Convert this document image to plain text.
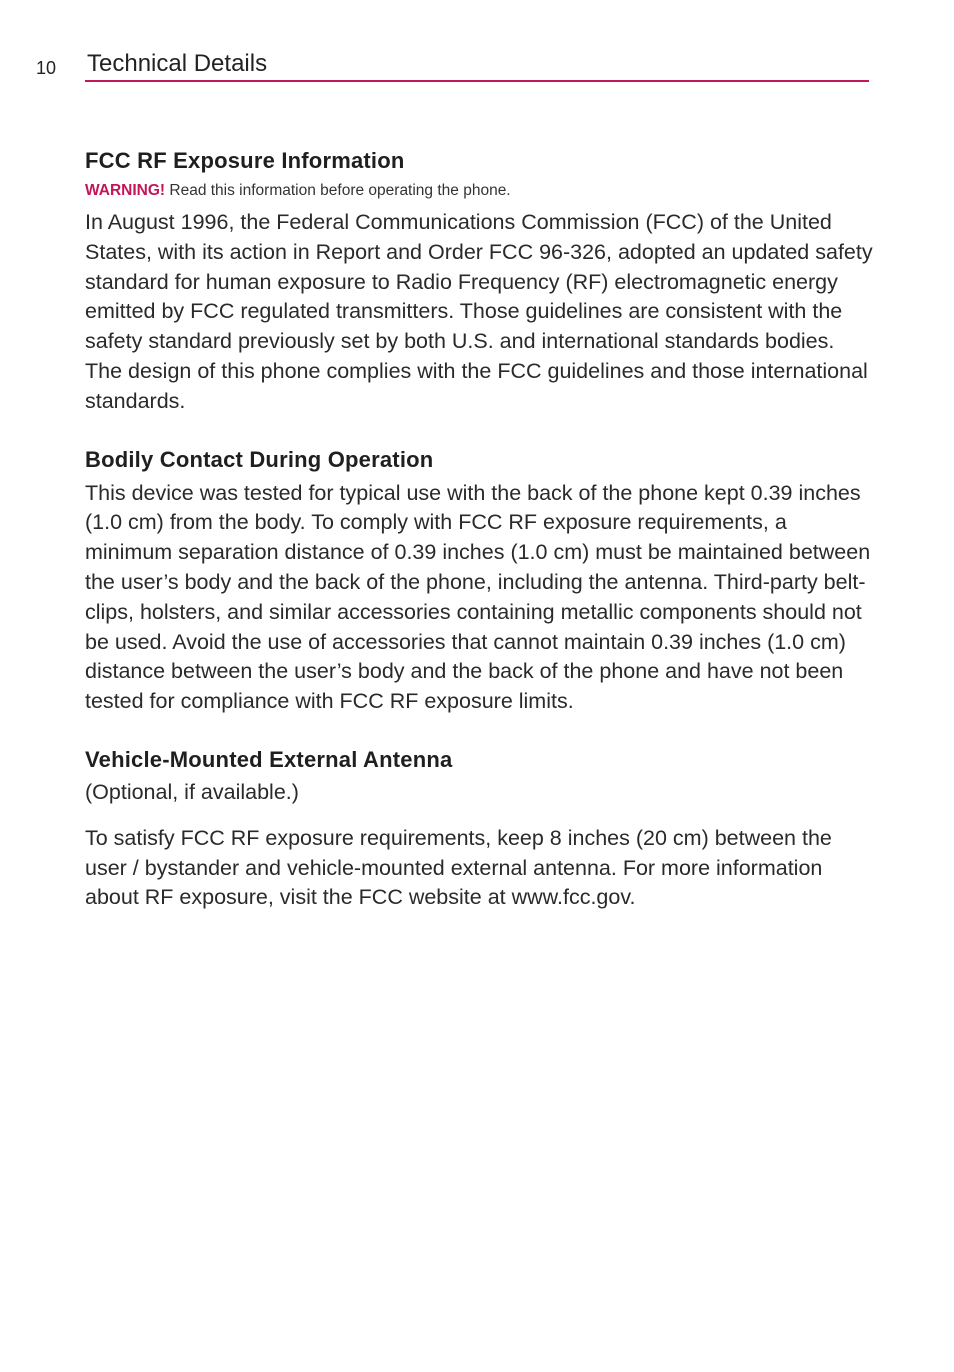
10 Technical Details
FCC RF Exposure Information
WARNING! Read this information before operating the phone.

In August 1996, the Federal Communications Commission (FCC) of the United States, with its action in Report and Order FCC 96-326, adopted an updated safety standard for human exposure to Radio Frequency (RF) electromagnetic energy emitted by FCC regulated transmitters. Those guidelines are consistent with the safety standard previously set by both U.S. and international standards bodies. The design of this phone complies with the FCC guidelines and those international standards.

Bodily Contact During Operation

This device was tested for typical use with the back of the phone kept 0.39 inches (1.0 cm) from the body. To comply with FCC RF exposure requirements, a minimum separation distance of 0.39 inches (1.0 cm) must be maintained between the user’s body and the back of the phone, including the antenna. Third-party belt-clips, holsters, and similar accessories containing metallic components should not be used. Avoid the use of accessories that cannot maintain 0.39 inches (1.0 cm) distance between the user’s body and the back of the phone and have not been tested for compliance with FCC RF exposure limits.

Vehicle-Mounted External Antenna

(Optional, if available.)

To satisfy FCC RF exposure requirements, keep 8 inches (20 cm) between the user / bystander and vehicle-mounted external antenna. For more information about RF exposure, visit the FCC website at www.fcc.gov.
